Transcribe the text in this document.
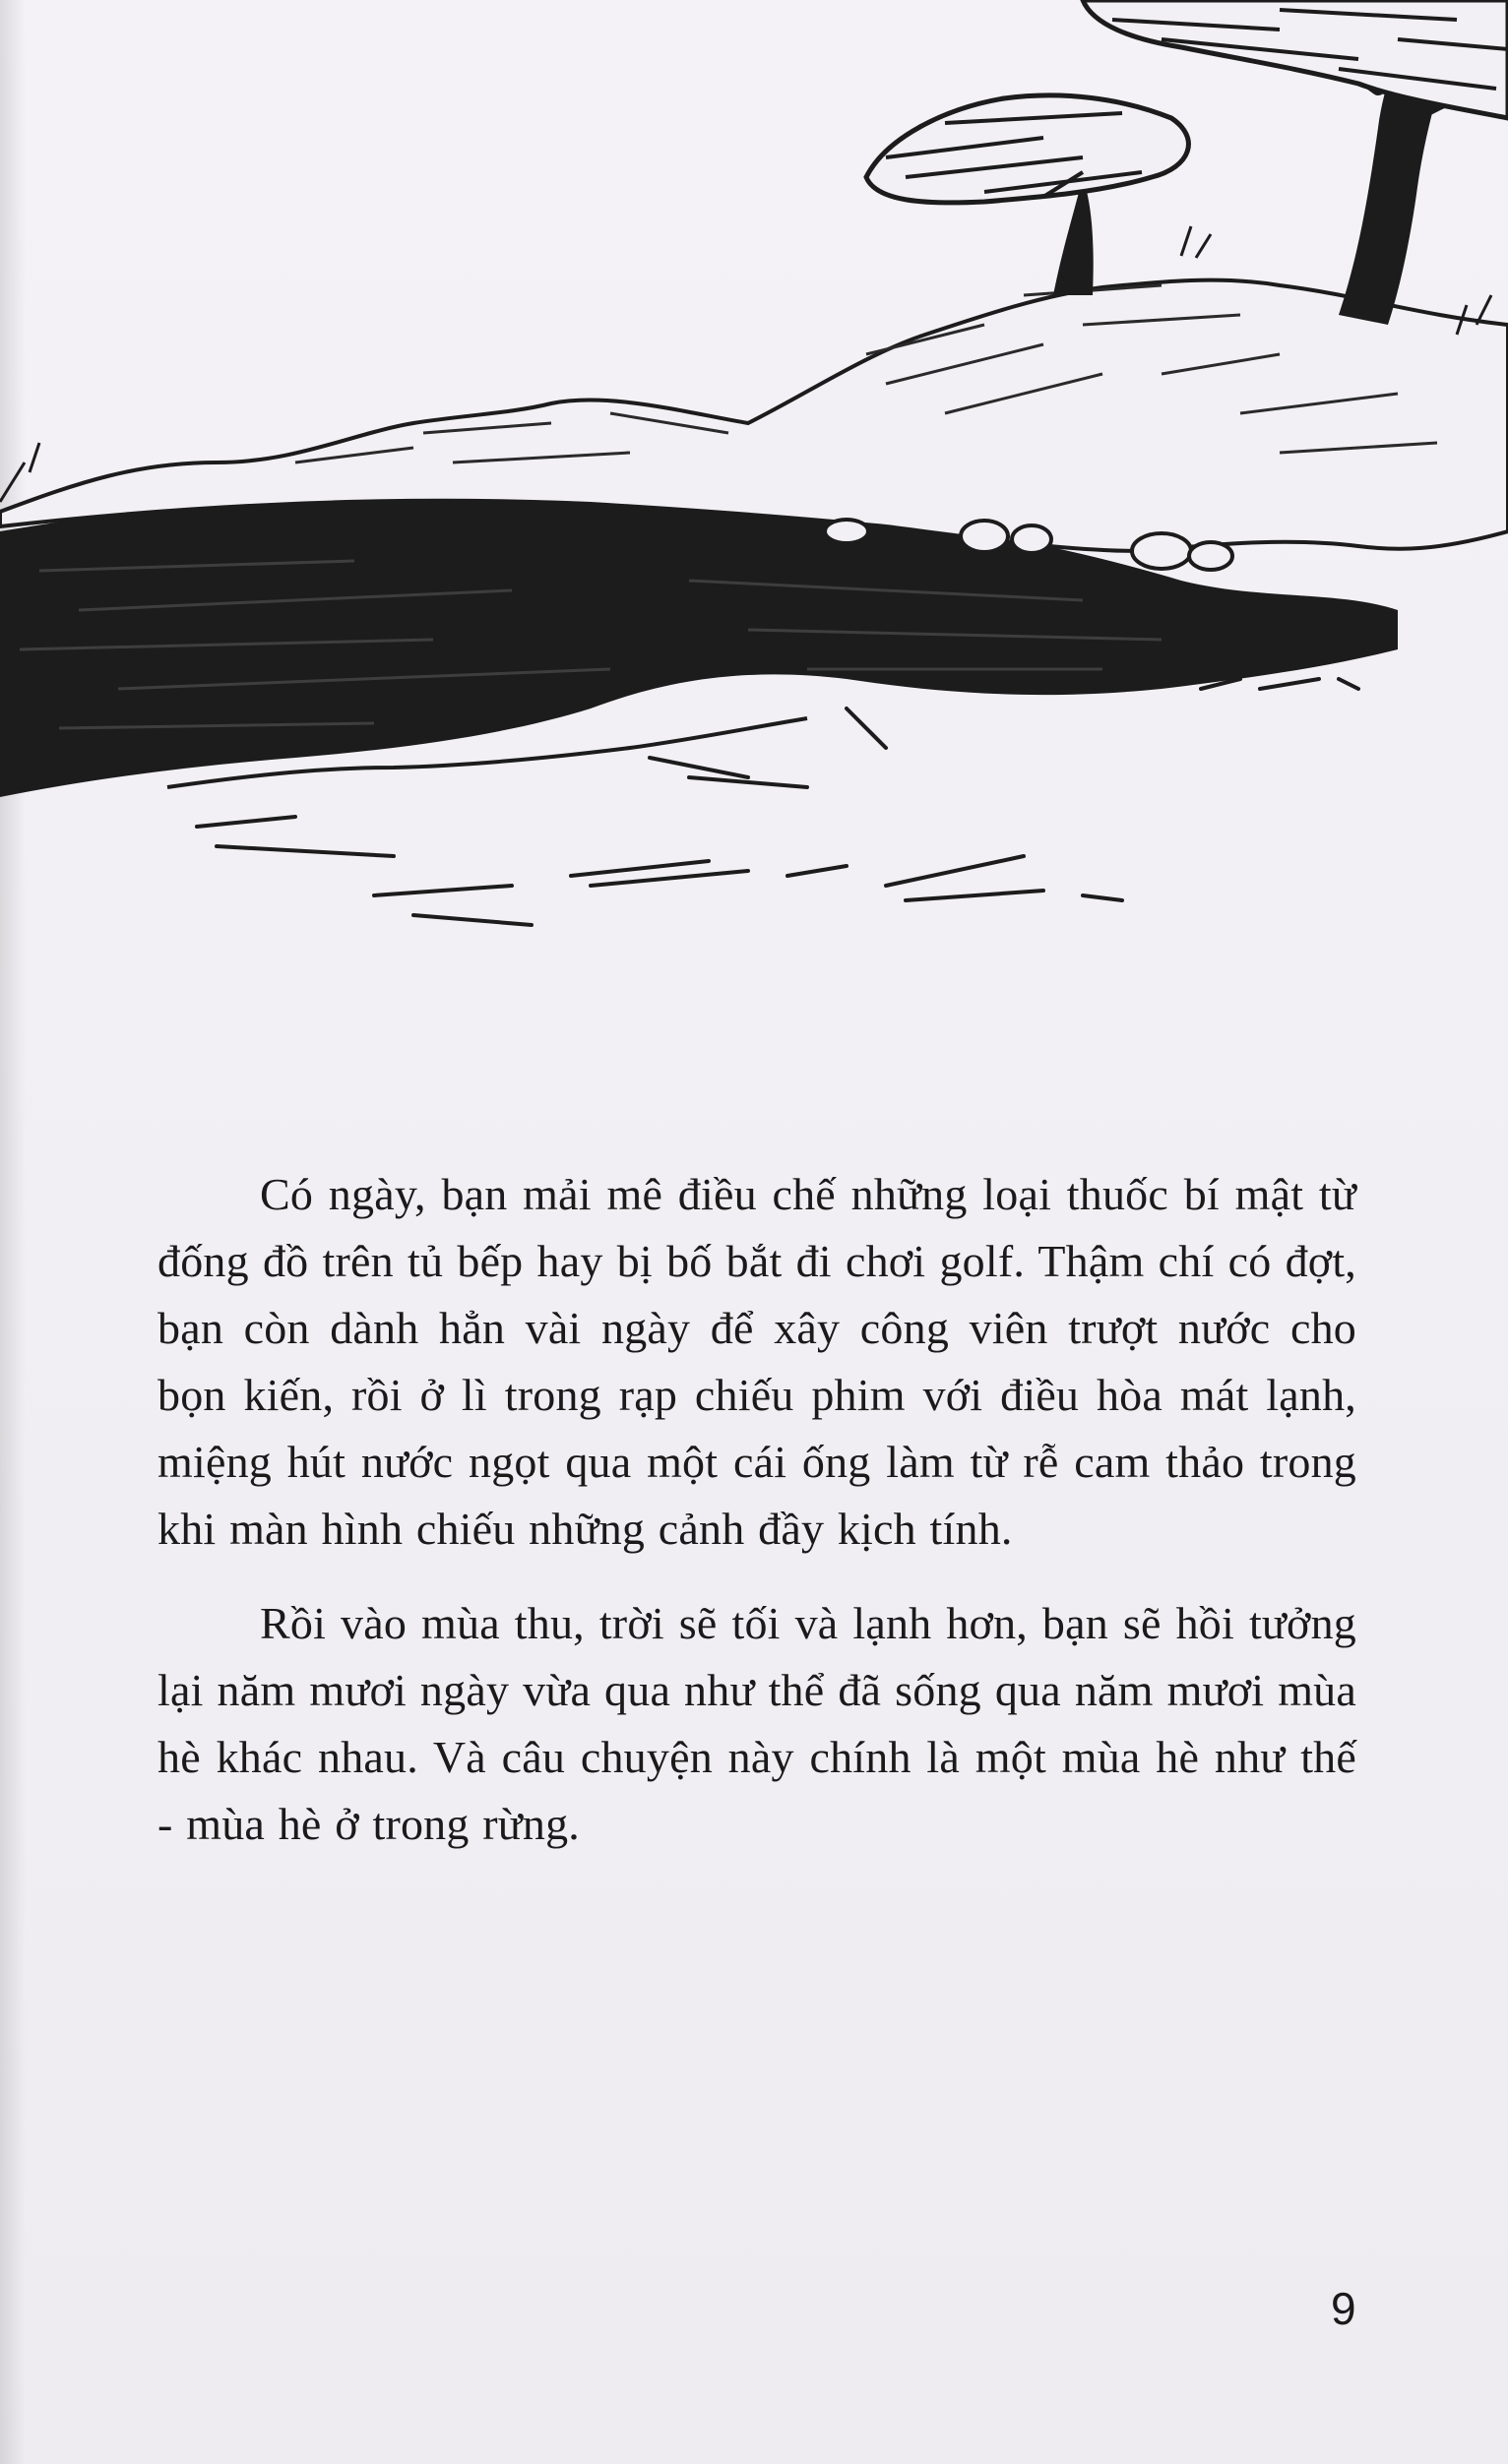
Có ngày, bạn mải mê điều chế những loại thuốc bí mật từ đống đồ trên tủ bếp hay bị bố bắt đi chơi golf. Thậm chí có đợt, bạn còn dành hẳn vài ngày để xây công viên trượt nước cho bọn kiến, rồi ở lì trong rạp chiếu phim với điều hòa mát lạnh, miệng hút nước ngọt qua một cái ống làm từ rễ cam thảo trong khi màn hình chiếu những cảnh đầy kịch tính.

Rồi vào mùa thu, trời sẽ tối và lạnh hơn, bạn sẽ hồi tưởng lại năm mươi ngày vừa qua như thể đã sống qua năm mươi mùa hè khác nhau. Và câu chuyện này chính là một mùa hè như thế - mùa hè ở trong rừng.

9
